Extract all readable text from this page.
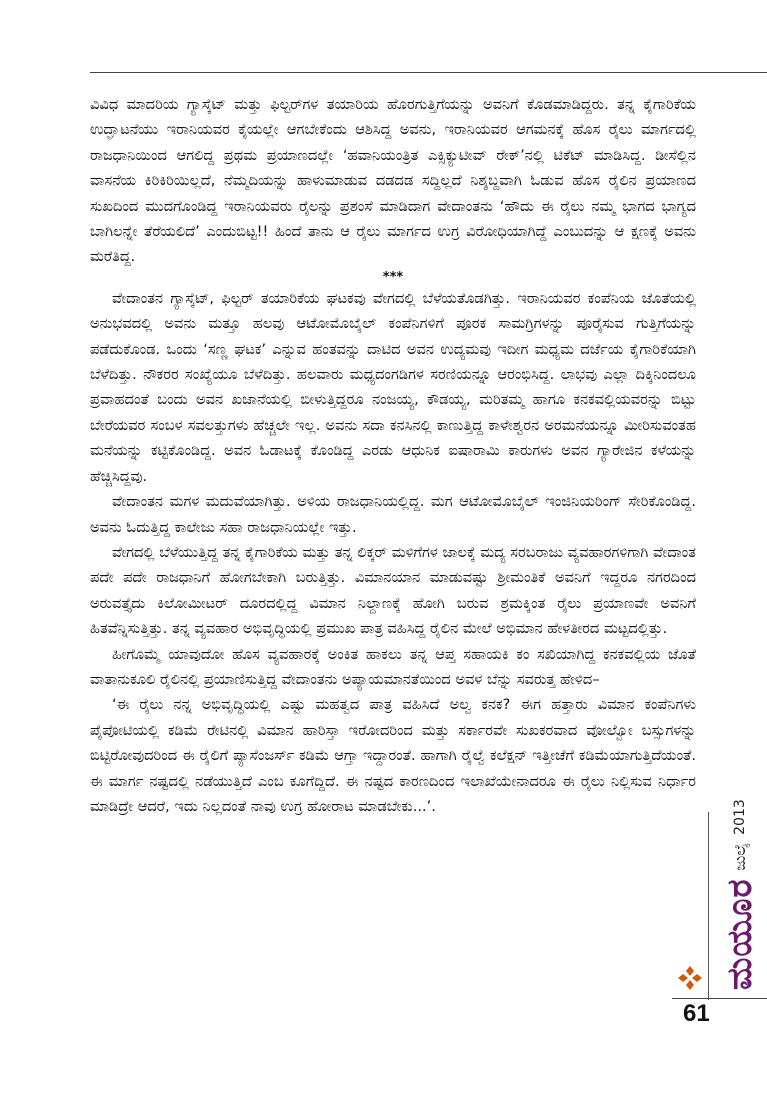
ವಿವಿಧ ಮಾದರಿಯ ಗ್ಯಾಸ್ಕೆಟ್ ಮತ್ತು ಫಿಲ್ಟರ್‌ಗಳ ತಯಾರಿಯ ಹೊರಗುತ್ತಿಗೆಯನ್ನು ಅವನಿಗೆ ಕೊಡಮಾಡಿದ್ದರು. ತನ್ನ ಕೈಗಾರಿಕೆಯ ಉದ್ಘಾಟನೆಯು ಇರಾನಿಯವರ ಕೈಯಲ್ಲೇ ಆಗಬೇಕೆಂದು ಆಶಿಸಿದ್ದ ಅವನು, ಇರಾನಿಯವರ ಆಗಮನಕ್ಕೆ ಹೊಸ ರೈಲು ಮಾರ್ಗದಲ್ಲಿ ರಾಜಧಾನಿಯಿಂದ ಆಗಲಿದ್ದ ಪ್ರಥಮ ಪ್ರಯಾಣದಲ್ಲೇ ‘ಹವಾನಿಯಂತ್ರಿತ ಎಕ್ಸಿಕ್ಯುಟೀವ್ ರೇಕ್’ನಲ್ಲಿ ಟಿಕೆಟ್ ಮಾಡಿಸಿದ್ದ. ಡೀಸೆಲ್ಲಿನ ವಾಸನೆಯ ಕಿರಿಕಿರಿಯಿಲ್ಲದೆ, ನೆಮ್ಮದಿಯನ್ನು ಹಾಳುಮಾಡುವ ದಡದಡ ಸದ್ದಿಲ್ಲದೆ ನಿಶ್ಶಬ್ದವಾಗಿ ಓಡುವ ಹೊಸ ರೈಲಿನ ಪ್ರಯಾಣದ ಸುಖದಿಂದ ಮುದಗೊಂಡಿದ್ದ ಇರಾನಿಯವರು ರೈಲನ್ನು ಪ್ರಶಂಸೆ ಮಾಡಿದಾಗ ವೇದಾಂತನು ‘ಹೌದು ಈ ರೈಲು ನಮ್ಮ ಭಾಗದ ಭಾಗ್ಯದ ಬಾಗಿಲನ್ನೇ ತೆರೆಯಲಿದೆ’ ಎಂದುಬಿಟ್ಟ!! ಹಿಂದೆ ತಾನು ಆ ರೈಲು ಮಾರ್ಗದ ಉಗ್ರ ವಿರೋಧಿಯಾಗಿದ್ದೆ ಎಂಬುದನ್ನು ಆ ಕ್ಷಣಕ್ಕೆ ಅವನು ಮರೆತಿದ್ದ.

***

ವೇದಾಂತನ ಗ್ಯಾಸ್ಕೆಟ್, ಫಿಲ್ಟರ್ ತಯಾರಿಕೆಯ ಘಟಕವು ವೇಗದಲ್ಲಿ ಬೆಳೆಯತೊಡಗಿತ್ತು. ಇರಾನಿಯವರ ಕಂಪೆನಿಯ ಜೊತೆಯಲ್ಲಿ ಅನುಭವದಲ್ಲಿ ಅವನು ಮತ್ತೂ ಹಲವು ಆಟೋಮೊಬೈಲ್ ಕಂಪೆನಿಗಳಿಗೆ ಪೂರಕ ಸಾಮಗ್ರಿಗಳನ್ನು ಪೂರೈಸುವ ಗುತ್ತಿಗೆಯನ್ನು ಪಡೆದುಕೊಂಡ. ಒಂದು ‘ಸಣ್ಣ ಘಟಕ’ ಎನ್ನುವ ಹಂತವನ್ನು ದಾಟಿದ ಅವನ ಉದ್ಯಮವು ಇದೀಗ ಮಧ್ಯಮ ದರ್ಜೆಯ ಕೈಗಾರಿಕೆಯಾಗಿ ಬೆಳೆದಿತ್ತು. ನೌಕರರ ಸಂಖ್ಯೆಯೂ ಬೆಳೆದಿತ್ತು. ಹಲವಾರು ಮಧ್ಯದಂಗಡಿಗಳ ಸರಣಿಯನ್ನೂ ಆರಂಭಿಸಿದ್ದ. ಲಾಭವು ಎಲ್ಲಾ ದಿಕ್ಕಿನಿಂದಲೂ ಪ್ರವಾಹದಂತೆ ಬಂದು ಅವನ ಖಜಾನೆಯಲ್ಲಿ ಬೀಳುತ್ತಿದ್ದರೂ ನಂಜಯ್ಯ, ಕೌಡಯ್ಯ, ಮರಿತಮ್ಮ ಹಾಗೂ ಕನಕವಲ್ಲಿಯವರನ್ನು ಬಿಟ್ಟು ಬೇರೆಯವರ ಸಂಬಳ ಸವಲತ್ತುಗಳು ಹೆಚ್ಚಲೇ ಇಲ್ಲ. ಅವನು ಸದಾ ಕನಸಿನಲ್ಲಿ ಕಾಣುತ್ತಿದ್ದ ಕಾಳೇಶ್ವರನ ಅರಮನೆಯನ್ನೂ ಮೀರಿಸುವಂತಹ ಮನೆಯನ್ನು ಕಟ್ಟಿಕೊಂಡಿದ್ದ. ಅವನ ಓಡಾಟಕ್ಕೆ ಕೊಂಡಿದ್ದ ಎರಡು ಆಧುನಿಕ ಐಷಾರಾಮಿ ಕಾರುಗಳು ಅವನ ಗ್ಯಾರೇಜಿನ ಕಳೆಯನ್ನು ಹೆಚ್ಚಿಸಿದ್ದವು.

ವೇದಾಂತನ ಮಗಳ ಮದುವೆಯಾಗಿತ್ತು. ಅಳಿಯ ರಾಜಧಾನಿಯಲ್ಲಿದ್ದ. ಮಗ ಆಟೋಮೊಬೈಲ್ ಇಂಜಿನಿಯರಿಂಗ್ ಸೇರಿಕೊಂಡಿದ್ದ. ಅವನು ಓದುತ್ತಿದ್ದ ಕಾಲೇಜು ಸಹಾ ರಾಜಧಾನಿಯಲ್ಲೇ ಇತ್ತು.

ವೇಗದಲ್ಲಿ ಬೆಳೆಯುತ್ತಿದ್ದ ತನ್ನ ಕೈಗಾರಿಕೆಯ ಮತ್ತು ತನ್ನ ಲಿಕ್ಕರ್ ಮಳಿಗೆಗಳ ಜಾಲಕ್ಕೆ ಮದ್ಯ ಸರಬರಾಜು ವ್ಯವಹಾರಗಳಿಗಾಗಿ ವೇದಾಂತ ಪದೇ ಪದೇ ರಾಜಧಾನಿಗೆ ಹೋಗಬೇಕಾಗಿ ಬರುತ್ತಿತ್ತು. ವಿಮಾನಯಾನ ಮಾಡುವಷ್ಟು ಶ್ರೀಮಂತಿಕೆ ಅವನಿಗೆ ಇದ್ದರೂ ನಗರದಿಂದ ಅರುವತ್ತೈದು ಕಿಲೋಮೀಟರ್ ದೂರದಲ್ಲಿದ್ದ ವಿಮಾನ ನಿಲ್ದಾಣಕ್ಕೆ ಹೋಗಿ ಬರುವ ಶ್ರಮಕ್ಕಿಂತ ರೈಲು ಪ್ರಯಾಣವೇ ಅವನಿಗೆ ಹಿತವೆನ್ನಿಸುತ್ತಿತ್ತು. ತನ್ನ ವ್ಯವಹಾರ ಅಭಿವೃದ್ಧಿಯಲ್ಲಿ ಪ್ರಮುಖ ಪಾತ್ರ ವಹಿಸಿದ್ದ ರೈಲಿನ ಮೇಲೆ ಅಭಿಮಾನ ಹೇಳತೀರದ ಮಟ್ಟದಲ್ಲಿತ್ತು.

ಹೀಗೊಮ್ಮೆ ಯಾವುದೋ ಹೊಸ ವ್ಯವಹಾರಕ್ಕೆ ಅಂಕಿತ ಹಾಕಲು ತನ್ನ ಆಪ್ತ ಸಹಾಯಕಿ ಕಂ ಸಖಿಯಾಗಿದ್ದ ಕನಕವಲ್ಲಿಯ ಜೊತೆ ವಾತಾನುಕೂಲಿ ರೈಲಿನಲ್ಲಿ ಪ್ರಯಾಣಿಸುತ್ತಿದ್ದ ವೇದಾಂತನು ಅಪ್ಯಾಯಮಾನತೆಯಿಂದ ಅವಳ ಬೆನ್ನು ಸವರುತ್ತ ಹೇಳಿದ–

‘ಈ ರೈಲು ನನ್ನ ಅಭಿವೃದ್ಧಿಯಲ್ಲಿ ಎಷ್ಟು ಮಹತ್ವದ ಪಾತ್ರ ವಹಿಸಿದೆ ಅಲ್ವ ಕನಕ? ಈಗ ಹತ್ತಾರು ವಿಮಾನ ಕಂಪೆನಿಗಳು ಪೈಪೋಟಿಯಲ್ಲಿ ಕಡಿಮೆ ರೇಟಿನಲ್ಲಿ ವಿಮಾನ ಹಾರಿಸ್ತಾ ಇರೋದರಿಂದ ಮತ್ತು ಸರ್ಕಾರವೇ ಸುಖಕರವಾದ ವೋಲ್ವೋ ಬಸ್ಸುಗಳನ್ನು ಬಿಟ್ಟಿರೋವುದರಿಂದ ಈ ರೈಲಿಗೆ ಪ್ಯಾಸೆಂಜರ್ಸ್ ಕಡಿಮೆ ಆಗ್ತಾ ಇದ್ದಾರಂತೆ. ಹಾಗಾಗಿ ರೈಲ್ವೆ ಕಲೆಕ್ಷನ್ ಇತ್ತೀಚೆಗೆ ಕಡಿಮೆಯಾಗುತ್ತಿದೆಯಂತೆ. ಈ ಮಾರ್ಗ ನಷ್ಟದಲ್ಲಿ ನಡೆಯುತ್ತಿದೆ ಎಂಬ ಕೂಗೆದ್ದಿದೆ. ಈ ನಷ್ಟದ ಕಾರಣದಿಂದ ಇಲಾಖೆಯೇನಾದರೂ ಈ ರೈಲು ನಿಲ್ಲಿಸುವ ನಿರ್ಧಾರ ಮಾಡಿದ್ರೇ ಆದರೆ, ಇದು ನಿಲ್ಲದಂತೆ ನಾವು ಉಗ್ರ ಹೋರಾಟ ಮಾಡಬೇಕು...’.

ಮಯೂರ
ಜುಲೈ
2013
61
